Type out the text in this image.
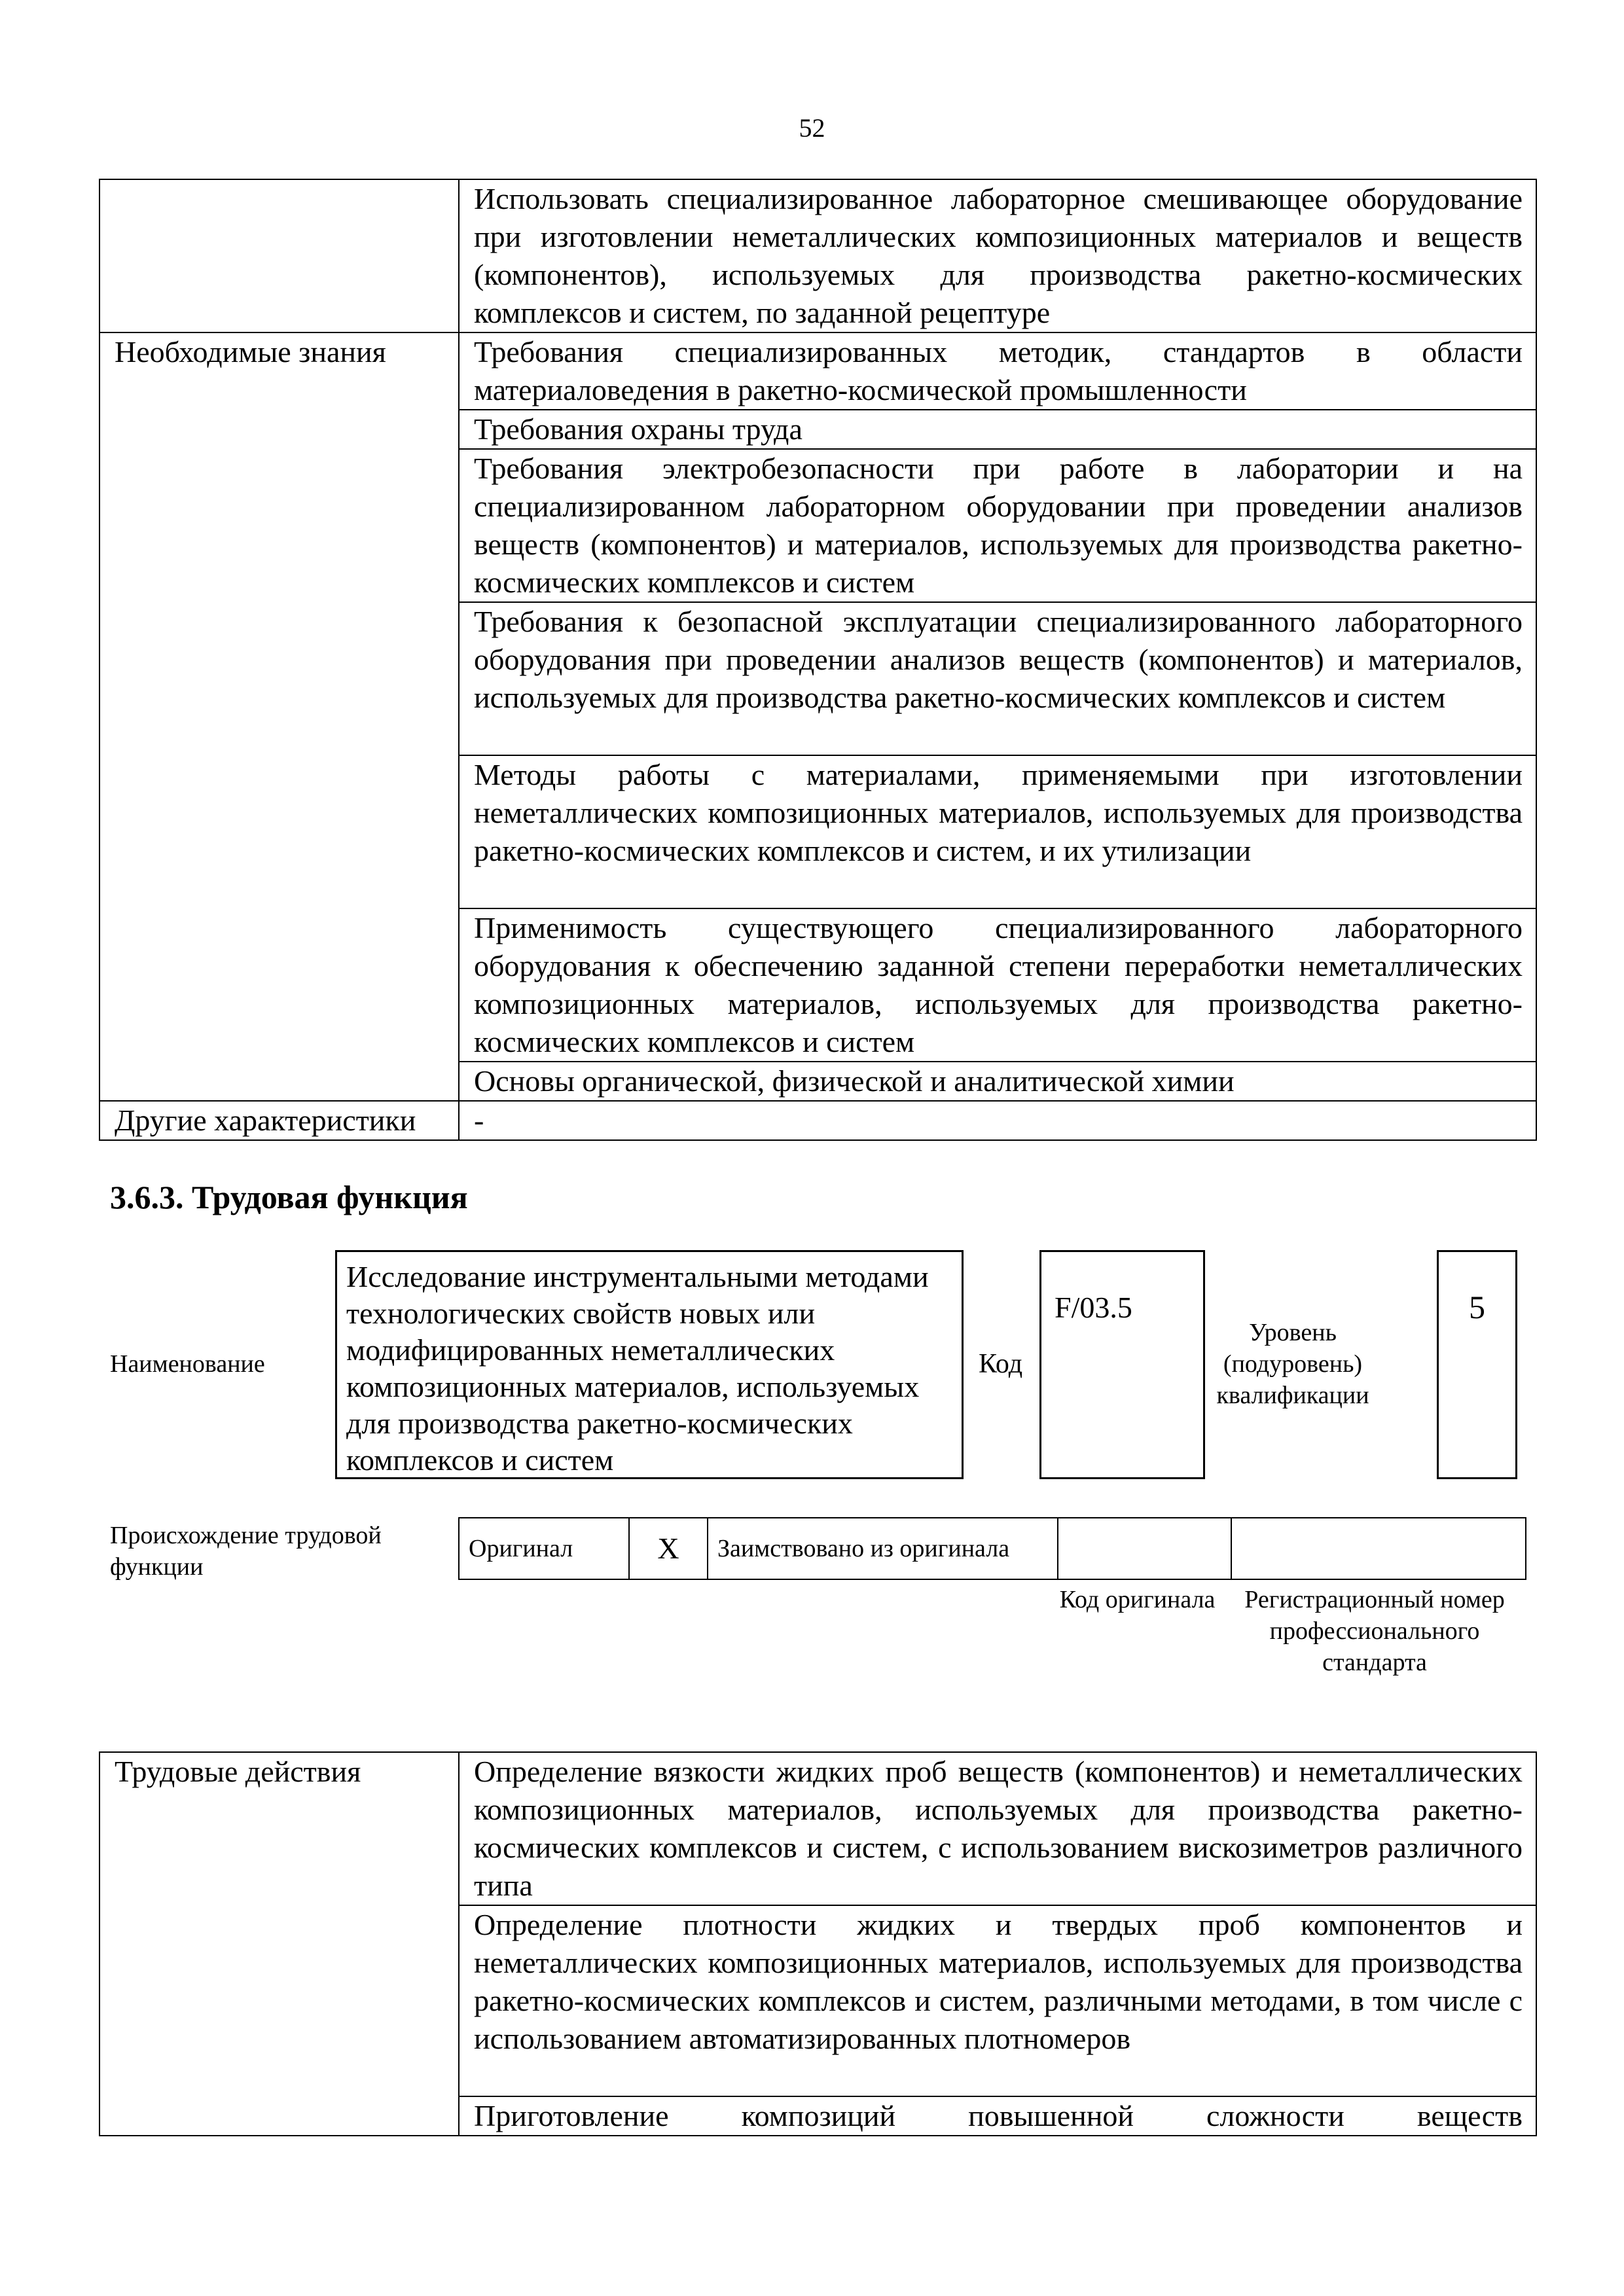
52
	Использовать специализированное лабораторное смешивающее оборудование при изготовлении неметаллических композиционных материалов и веществ (компонентов), используемых для производства ракетно-космических комплексов и систем, по заданной рецептуре
Необходимые знания	Требования специализированных методик, стандартов в области материаловедения в ракетно-космической промышленности
	Требования охраны труда
	Требования электробезопасности при работе в лаборатории и на специализированном лабораторном оборудовании при проведении анализов веществ (компонентов) и материалов, используемых для производства ракетно-космических комплексов и систем
	Требования к безопасной эксплуатации специализированного лабораторного оборудования при проведении анализов веществ (компонентов) и материалов, используемых для производства ракетно-космических комплексов и систем
	Методы работы с материалами, применяемыми при изготовлении неметаллических композиционных материалов, используемых для производства ракетно-космических комплексов и систем, и их утилизации
	Применимость существующего специализированного лабораторного оборудования к обеспечению заданной степени переработки неметаллических композиционных материалов, используемых для производства ракетно-космических комплексов и систем
	Основы органической, физической и аналитической химии
Другие характеристики	-
3.6.3. Трудовая функция
Наименование
Исследование инструментальными методами технологических свойств новых или модифицированных неметаллических композиционных материалов, используемых для производства ракетно-космических комплексов и систем
Код
F/03.5
Уровень (подуровень) квалификации
5
Происхождение трудовой функции
Оригинал	X	Заимствовано из оригинала		
Код оригинала	Регистрационный номер профессионального стандарта
Трудовые действия	Определение вязкости жидких проб веществ (компонентов) и неметаллических композиционных материалов, используемых для производства ракетно-космических комплексов и систем, с использованием вискозиметров различного типа
Определение плотности жидких и твердых проб компонентов и неметаллических композиционных материалов, используемых для производства ракетно-космических комплексов и систем, различными методами, в том числе с использованием автоматизированных плотномеров
Приготовление композиций повышенной сложности веществ
